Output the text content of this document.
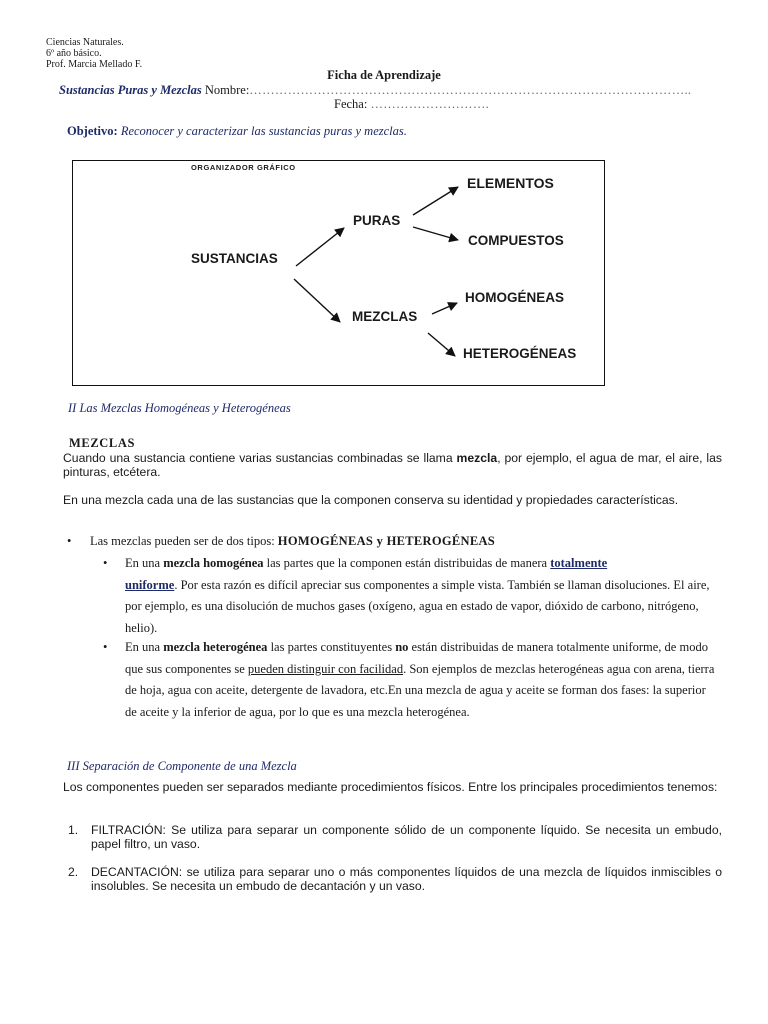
Ciencias Naturales.
6º año básico.
Prof. Marcia Mellado F.
Ficha de Aprendizaje
Sustancias Puras y Mezclas Nombre:…………………………………………………………………………………………..
Fecha: ……………………….
Objetivo: Reconocer y caracterizar las sustancias puras y mezclas.
ORGANIZADOR GRÁFICO
SUSTANCIAS
PURAS
MEZCLAS
ELEMENTOS
COMPUESTOS
HOMOGÉNEAS
HETEROGÉNEAS
II Las Mezclas Homogéneas y Heterogéneas
MEZCLAS
Cuando una sustancia contiene varias sustancias combinadas se llama mezcla, por ejemplo, el agua de mar, el aire, las pinturas, etcétera.
En una mezcla cada una de las sustancias que la componen conserva su identidad y propiedades características.
• Las mezclas pueden ser de dos tipos: HOMOGÉNEAS y HETEROGÉNEAS
• En una mezcla homogénea las partes que la componen están distribuidas de manera totalmente
uniforme. Por esta razón es difícil apreciar sus componentes a simple vista. También se llaman disoluciones. El aire, por ejemplo, es una disolución de muchos gases (oxígeno, agua en estado de vapor, dióxido de carbono, nitrógeno, helio).
• En una mezcla heterogénea las partes constituyentes no están distribuidas de manera totalmente uniforme, de modo que sus componentes se pueden distinguir con facilidad. Son ejemplos de mezclas heterogéneas agua con arena, tierra de hoja, agua con aceite, detergente de lavadora, etc.En una mezcla de agua y aceite se forman dos fases: la superior de aceite y la inferior de agua, por lo que es una mezcla heterogénea.
III Separación de Componente de una Mezcla
Los componentes pueden ser separados mediante procedimientos físicos. Entre los principales procedimientos tenemos:
1. FILTRACIÓN: Se utiliza para separar un componente sólido de un componente líquido. Se necesita un embudo, papel filtro, un vaso.
2. DECANTACIÓN: se utiliza para separar uno o más componentes líquidos de una mezcla de líquidos inmiscibles o insolubles. Se necesita un embudo de decantación y un vaso.
